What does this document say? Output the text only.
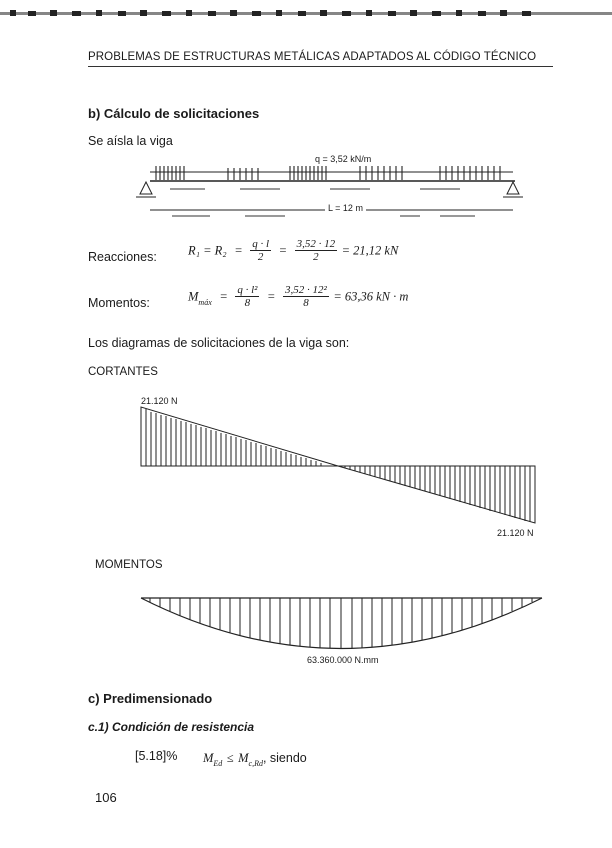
PROBLEMAS DE ESTRUCTURAS METÁLICAS ADAPTADOS AL CÓDIGO TÉCNICO
b) Cálculo de solicitaciones
Se aísla la viga
q = 3,52 kN/m
L = 12 m
Reacciones: $R_1 = R_2 = \frac{q \cdot l}{2} = \frac{3,52 \cdot 12}{2} = 21,12$ kN
Momentos:	$M_{máx} = \frac{\text{q · l²}}{8} = \frac{\text{3,52 · 12²}}{8} = 63,36$ kN · m
Los diagramas de solicitaciones de la viga son:
CORTANTES
21.120 N
21.120 N
MOMENTOS
63.360.000 N.mm
c) Predimensionado
c.1) Condición de resistencia
[5.18]% $M_{Ed} \le M_{c,Rd}$, siendo
106
